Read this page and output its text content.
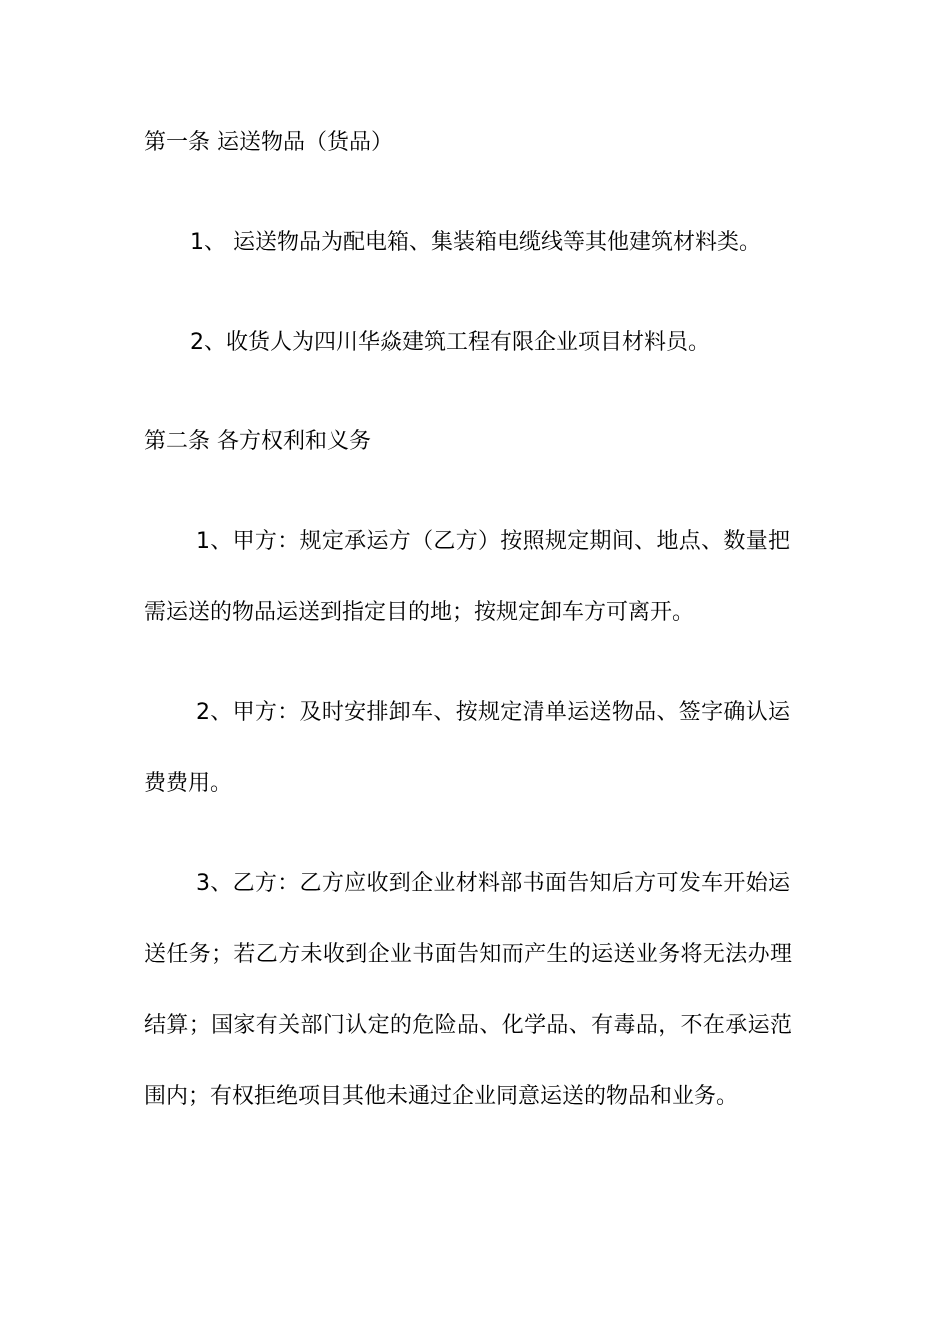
第一条 运送物品（货品）
1、 运送物品为配电箱、集装箱电缆线等其他建筑材料类。
2、收货人为四川华焱建筑工程有限企业项目材料员。
第二条 各方权利和义务
1、甲方：规定承运方（乙方）按照规定期间、地点、数量把
需运送的物品运送到指定目的地；按规定卸车方可离开。
2、甲方：及时安排卸车、按规定清单运送物品、签字确认运
费费用。
3、乙方：乙方应收到企业材料部书面告知后方可发车开始运
送任务；若乙方未收到企业书面告知而产生的运送业务将无法办理
结算；国家有关部门认定的危险品、化学品、有毒品，不在承运范
围内；有权拒绝项目其他未通过企业同意运送的物品和业务。
